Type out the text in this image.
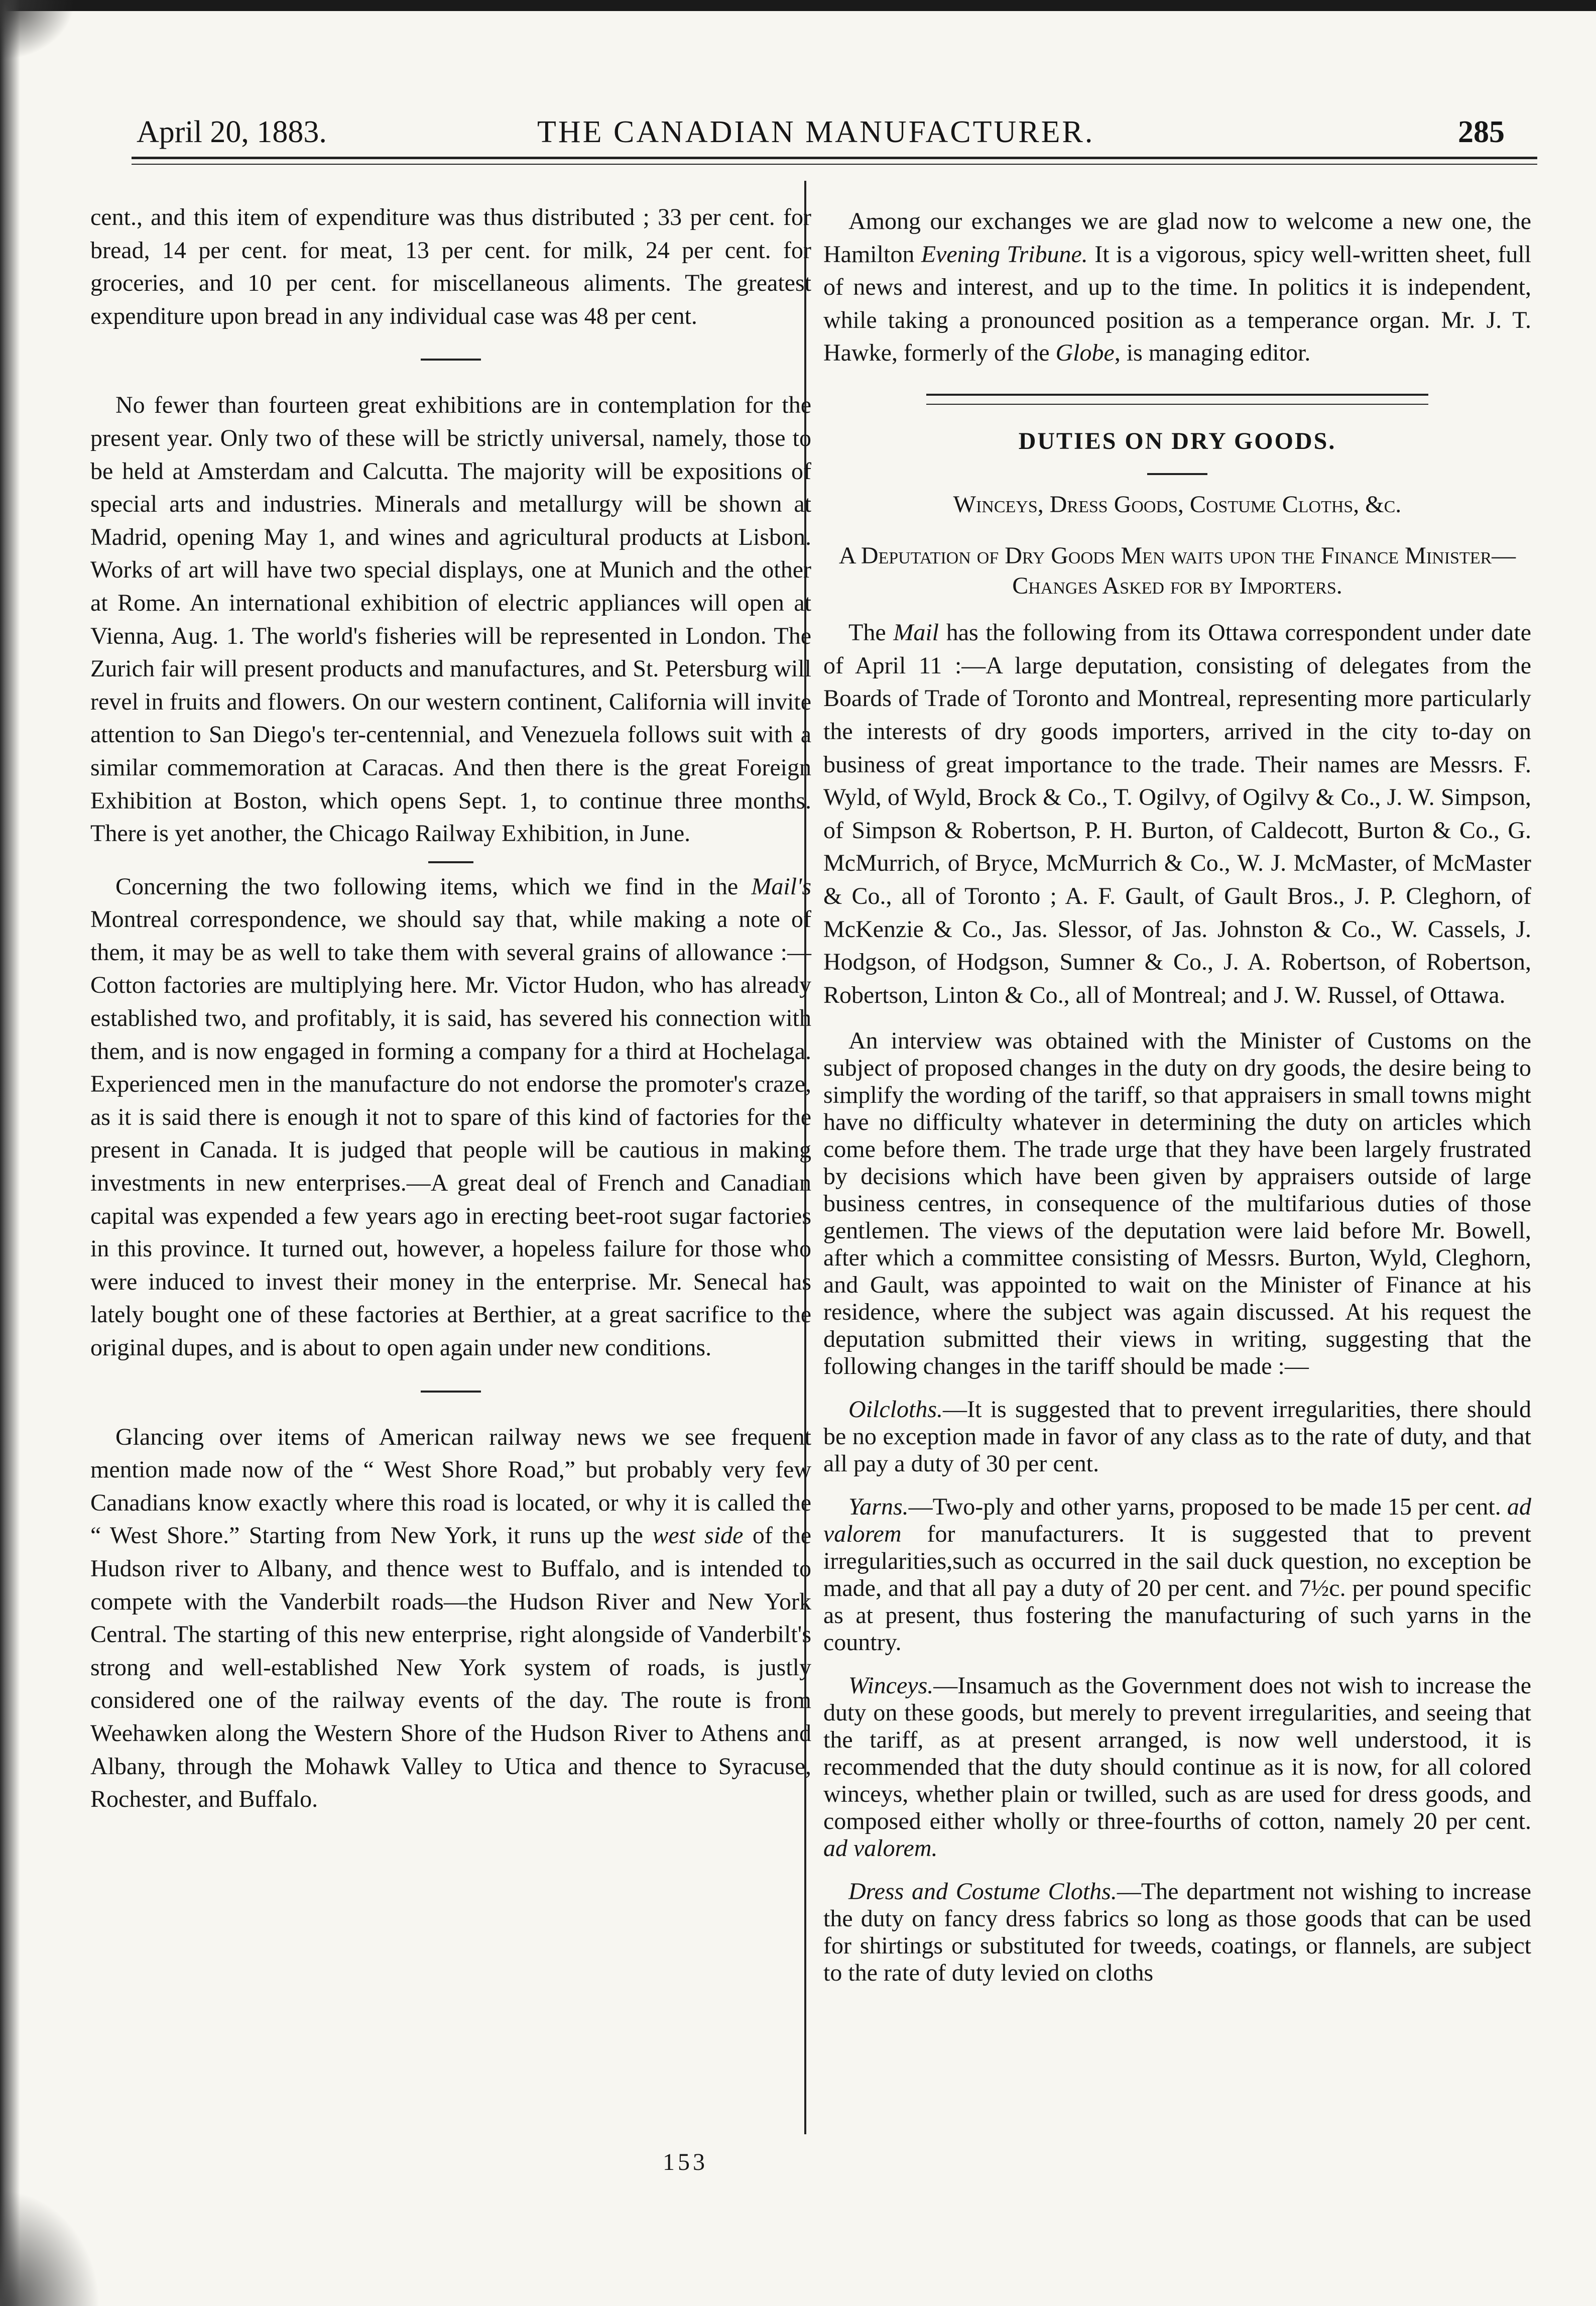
April 20, 1883.	THE CANADIAN MANUFACTURER.	285

cent., and this item of expenditure was thus distributed ; 33 per cent. for bread, 14 per cent. for meat, 13 per cent. for milk, 24 per cent. for groceries, and 10 per cent. for miscellaneous aliments. The greatest expenditure upon bread in any individual case was 48 per cent.

No fewer than fourteen great exhibitions are in contemplation for the present year. Only two of these will be strictly universal, namely, those to be held at Amsterdam and Calcutta. The majority will be expositions of special arts and industries. Minerals and metallurgy will be shown at Madrid, opening May 1, and wines and agricultural products at Lisbon. Works of art will have two special displays, one at Munich and the other at Rome. An international exhibition of electric appliances will open at Vienna, Aug. 1. The world's fisheries will be represented in London. The Zurich fair will present products and manufactures, and St. Petersburg will revel in fruits and flowers. On our western continent, California will invite attention to San Diego's ter-centennial, and Venezuela follows suit with a similar commemoration at Caracas. And then there is the great Foreign Exhibition at Boston, which opens Sept. 1, to continue three months. There is yet another, the Chicago Railway Exhibition, in June.

Concerning the two following items, which we find in the Mail's Montreal correspondence, we should say that, while making a note of them, it may be as well to take them with several grains of allowance :—Cotton factories are multiplying here. Mr. Victor Hudon, who has already established two, and profitably, it is said, has severed his connection with them, and is now engaged in forming a company for a third at Hochelaga. Experienced men in the manufacture do not endorse the promoter's craze, as it is said there is enough it not to spare of this kind of factories for the present in Canada. It is judged that people will be cautious in making investments in new enterprises.—A great deal of French and Canadian capital was expended a few years ago in erecting beet-root sugar factories in this province. It turned out, however, a hopeless failure for those who were induced to invest their money in the enterprise. Mr. Senecal has lately bought one of these factories at Berthier, at a great sacrifice to the original dupes, and is about to open again under new conditions.

Glancing over items of American railway news we see frequent mention made now of the “ West Shore Road,” but probably very few Canadians know exactly where this road is located, or why it is called the “ West Shore.” Starting from New York, it runs up the west side of the Hudson river to Albany, and thence west to Buffalo, and is intended to compete with the Vanderbilt roads—the Hudson River and New York Central. The starting of this new enterprise, right alongside of Vanderbilt's strong and well-established New York system of roads, is justly considered one of the railway events of the day. The route is from Weehawken along the Western Shore of the Hudson River to Athens and Albany, through the Mohawk Valley to Utica and thence to Syracuse, Rochester, and Buffalo.

Among our exchanges we are glad now to welcome a new one, the Hamilton Evening Tribune. It is a vigorous, spicy well-written sheet, full of news and interest, and up to the time. In politics it is independent, while taking a pronounced position as a temperance organ. Mr. J. T. Hawke, formerly of the Globe, is managing editor.

DUTIES ON DRY GOODS.
Winceys, Dress Goods, Costume Cloths, &c.
A Deputation of Dry Goods Men waits upon the Finance Minister—Changes Asked for by Importers.

The Mail has the following from its Ottawa correspondent under date of April 11 :—A large deputation, consisting of delegates from the Boards of Trade of Toronto and Montreal, representing more particularly the interests of dry goods importers, arrived in the city to-day on business of great importance to the trade. Their names are Messrs. F. Wyld, of Wyld, Brock & Co., T. Ogilvy, of Ogilvy & Co., J. W. Simpson, of Simpson & Robertson, P. H. Burton, of Caldecott, Burton & Co., G. McMurrich, of Bryce, McMurrich & Co., W. J. McMaster, of McMaster & Co., all of Toronto ; A. F. Gault, of Gault Bros., J. P. Cleghorn, of McKenzie & Co., Jas. Slessor, of Jas. Johnston & Co., W. Cassels, J. Hodgson, of Hodgson, Sumner & Co., J. A. Robertson, of Robertson, Robertson, Linton & Co., all of Montreal; and J. W. Russel, of Ottawa.

An interview was obtained with the Minister of Customs on the subject of proposed changes in the duty on dry goods, the desire being to simplify the wording of the tariff, so that appraisers in small towns might have no difficulty whatever in determining the duty on articles which come before them. The trade urge that they have been largely frustrated by decisions which have been given by appraisers outside of large business centres, in consequence of the multifarious duties of those gentlemen. The views of the deputation were laid before Mr. Bowell, after which a committee consisting of Messrs. Burton, Wyld, Cleghorn, and Gault, was appointed to wait on the Minister of Finance at his residence, where the subject was again discussed. At his request the deputation submitted their views in writing, suggesting that the following changes in the tariff should be made :—

Oilcloths.—It is suggested that to prevent irregularities, there should be no exception made in favor of any class as to the rate of duty, and that all pay a duty of 30 per cent.

Yarns.—Two-ply and other yarns, proposed to be made 15 per cent. ad valorem for manufacturers. It is suggested that to prevent irregularities,such as occurred in the sail duck question, no exception be made, and that all pay a duty of 20 per cent. and 7½c. per pound specific as at present, thus fostering the manufacturing of such yarns in the country.

Winceys.—Insamuch as the Government does not wish to increase the duty on these goods, but merely to prevent irregularities, and seeing that the tariff, as at present arranged, is now well understood, it is recommended that the duty should continue as it is now, for all colored winceys, whether plain or twilled, such as are used for dress goods, and composed either wholly or three-fourths of cotton, namely 20 per cent. ad valorem.

Dress and Costume Cloths.—The department not wishing to increase the duty on fancy dress fabrics so long as those goods that can be used for shirtings or substituted for tweeds, coatings, or flannels, are subject to the rate of duty levied on cloths

153
